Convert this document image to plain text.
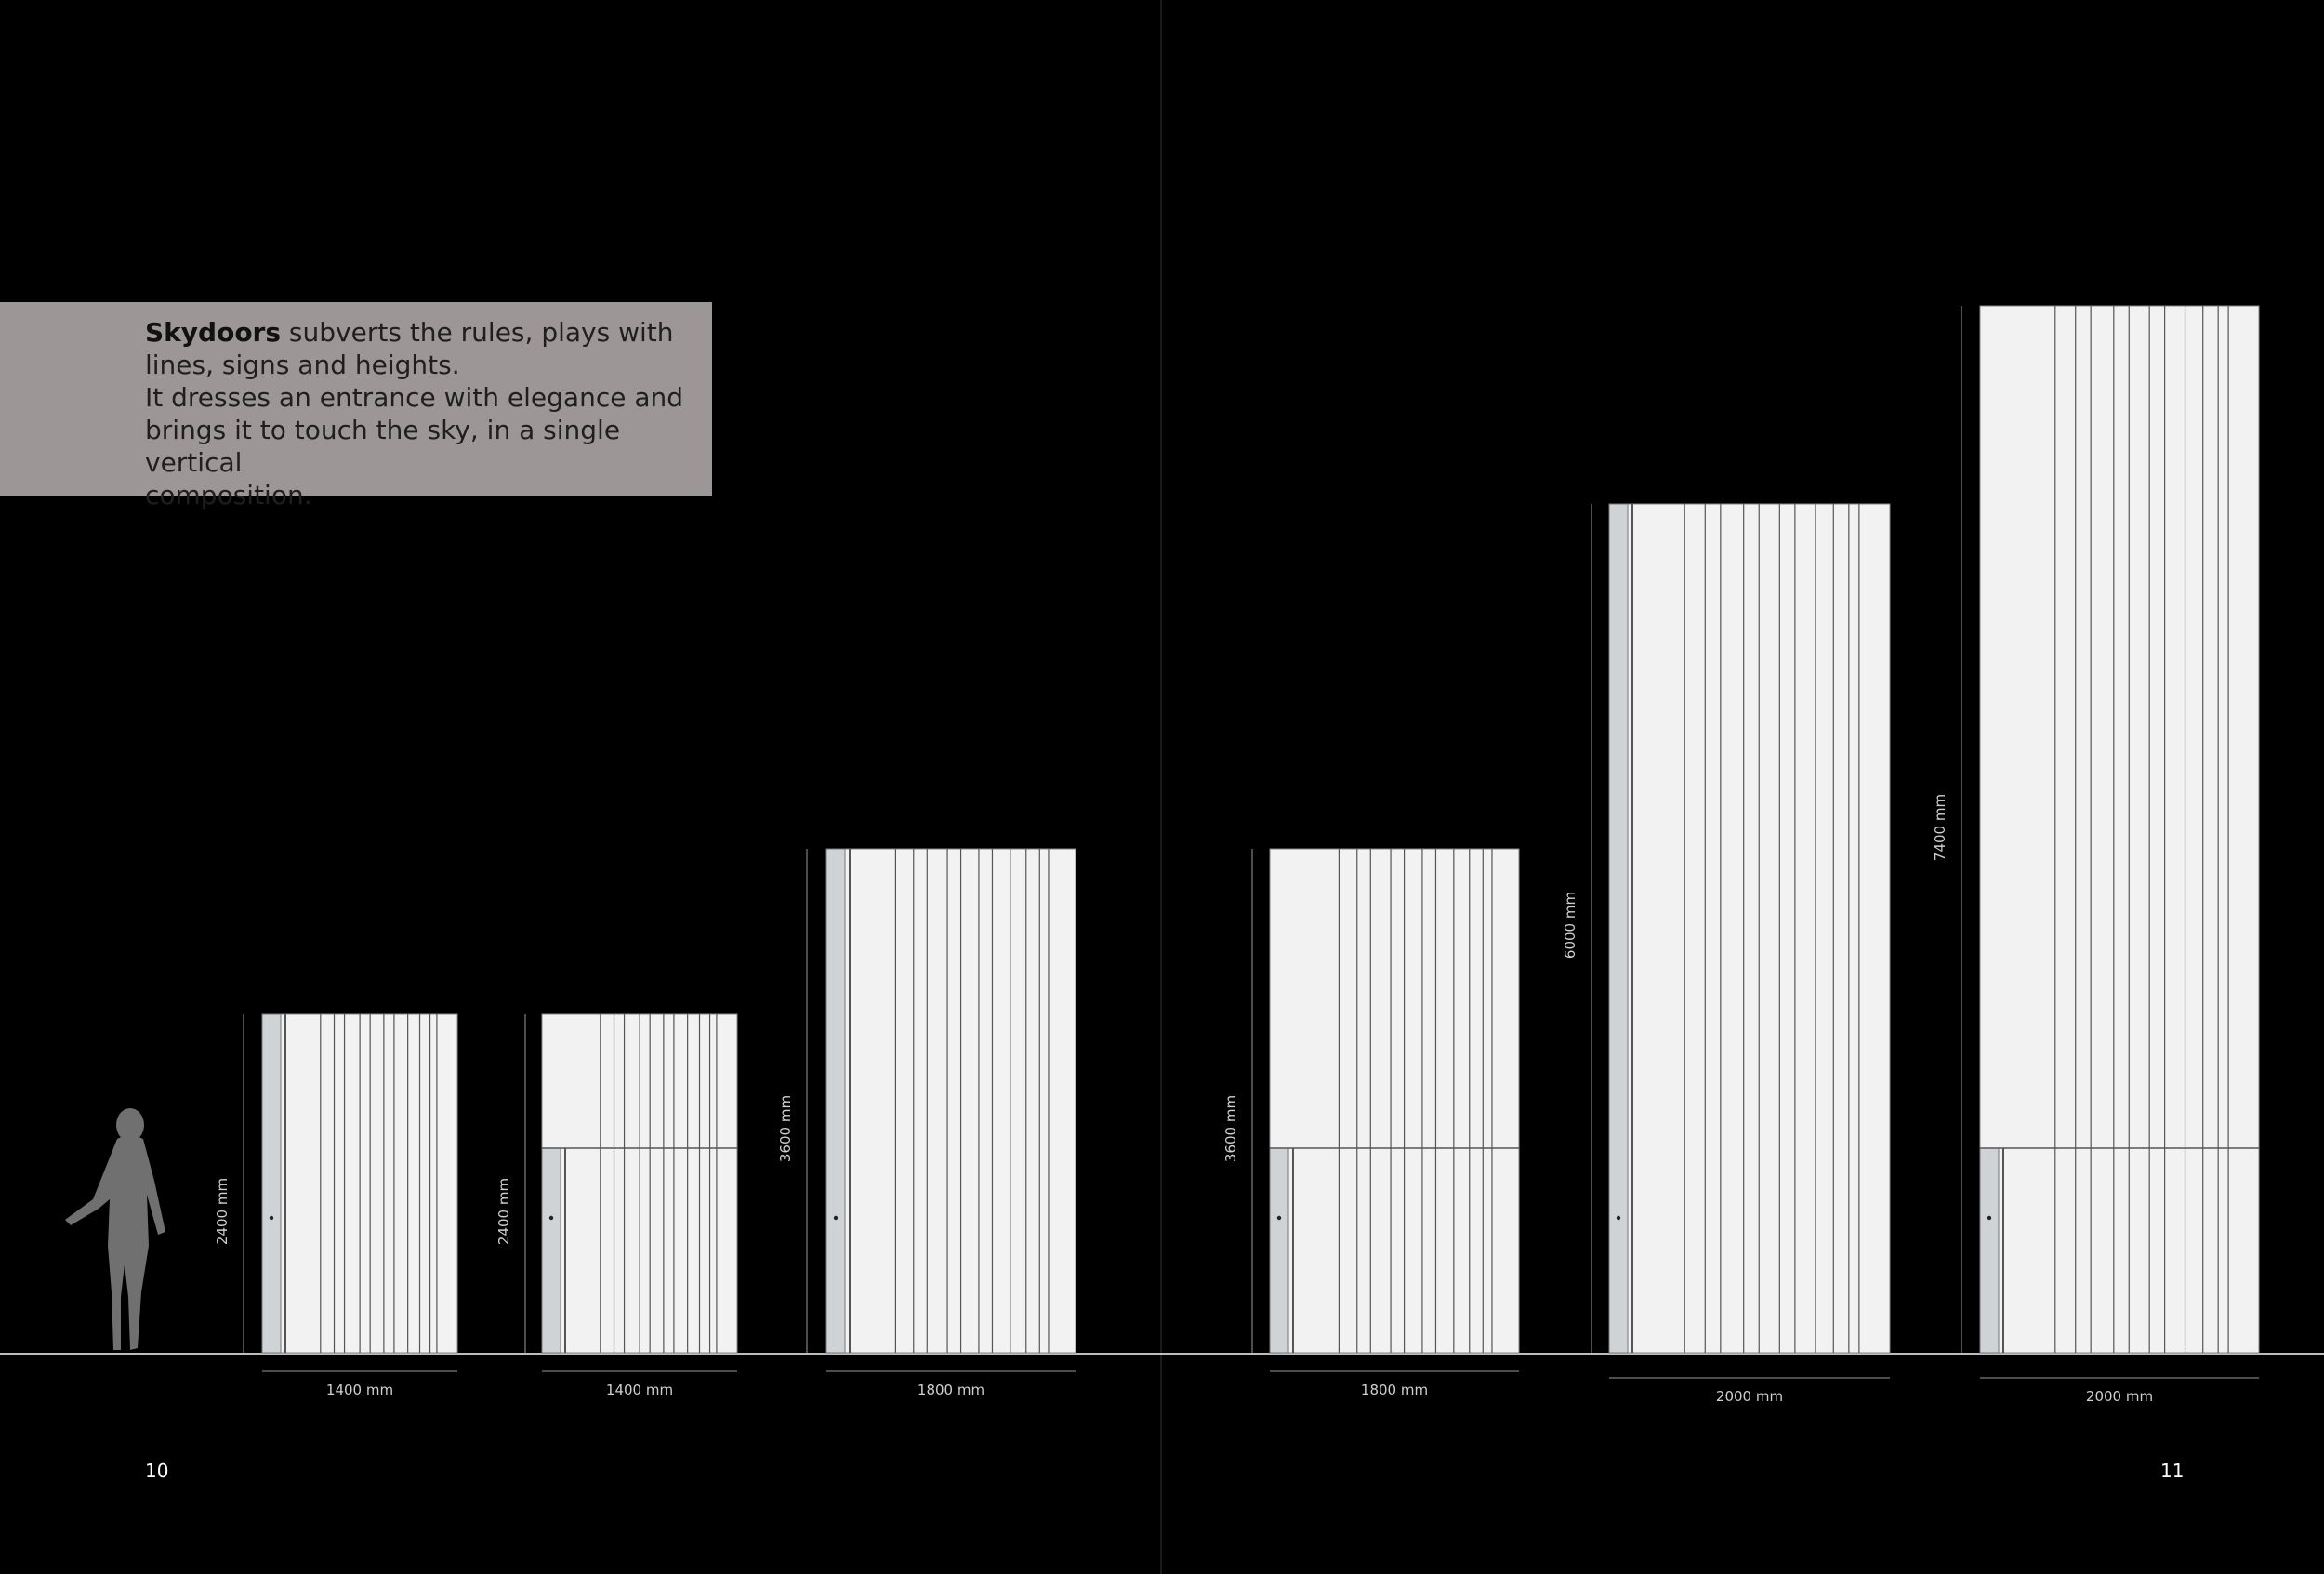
Skydoors subverts the rules, plays with
lines, signs and heights.
It dresses an entrance with elegance and
brings it to touch the sky, in a single vertical
composition.
2400 mm
1400 mm
2400 mm
1400 mm
3600 mm
1800 mm
3600 mm
1800 mm
6000 mm
2000 mm
7400 mm
2000 mm
10	11
